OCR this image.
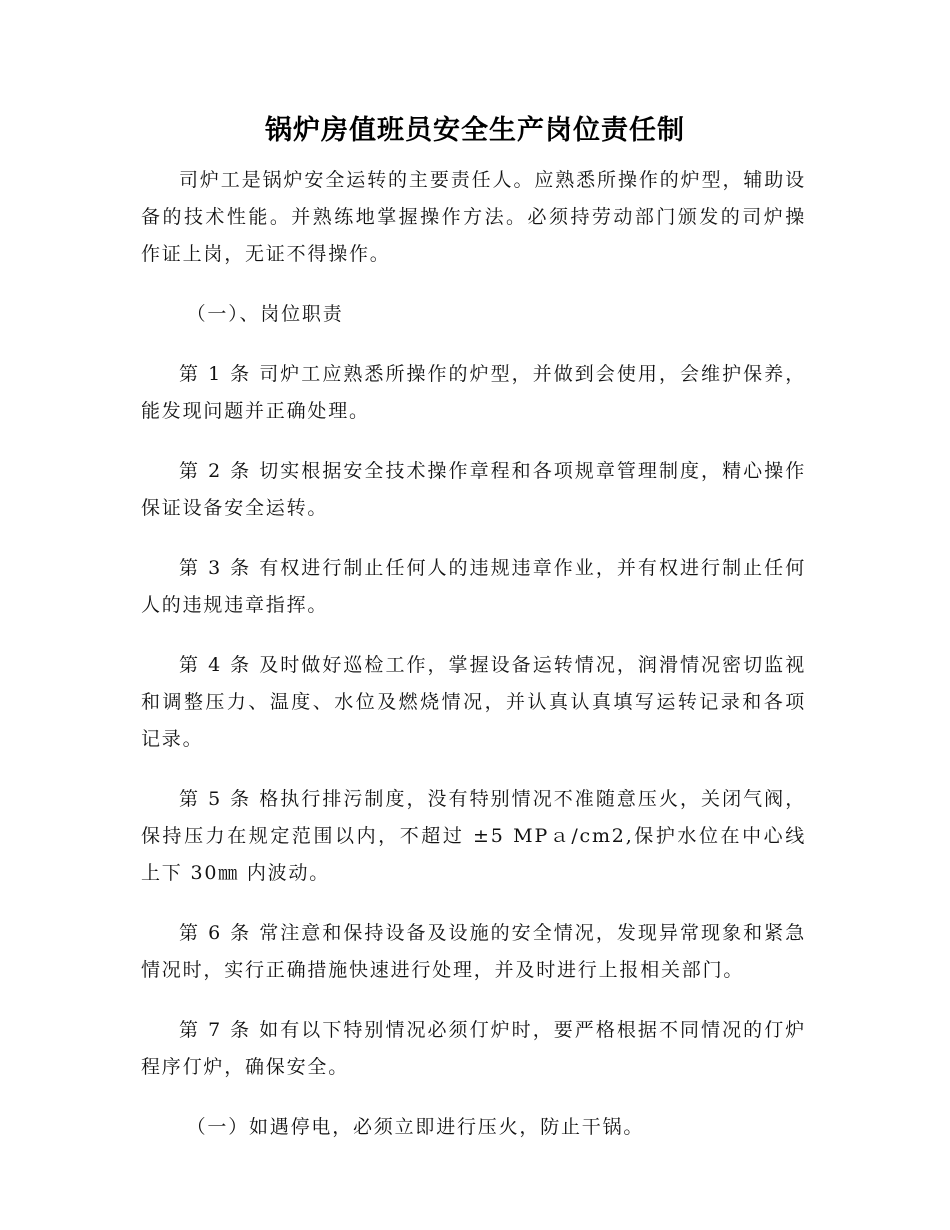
锅炉房值班员安全生产岗位责任制

司炉工是锅炉安全运转的主要责任人。应熟悉所操作的炉型，辅助设备的技术性能。并熟练地掌握操作方法。必须持劳动部门颁发的司炉操作证上岗，无证不得操作。

（一）、岗位职责

第 1 条 司炉工应熟悉所操作的炉型，并做到会使用，会维护保养，能发现问题并正确处理。

第 2 条 切实根据安全技术操作章程和各项规章管理制度，精心操作保证设备安全运转。

第 3 条 有权进行制止任何人的违规违章作业，并有权进行制止任何人的违规违章指挥。

第 4 条 及时做好巡检工作，掌握设备运转情况，润滑情况密切监视和调整压力、温度、水位及燃烧情况，并认真认真填写运转记录和各项记录。

第 5 条 格执行排污制度，没有特别情况不准随意压火，关闭气阀，保持压力在规定范围以内，不超过 ±5 MPａ/cm2,保护水位在中心线上下 30㎜ 内波动。

第 6 条 常注意和保持设备及设施的安全情况，发现异常现象和紧急情况时，实行正确措施快速进行处理，并及时进行上报相关部门。

第 7 条 如有以下特别情况必须仃炉时，要严格根据不同情况的仃炉程序仃炉，确保安全。

（一）如遇停电，必须立即进行压火，防止干锅。
